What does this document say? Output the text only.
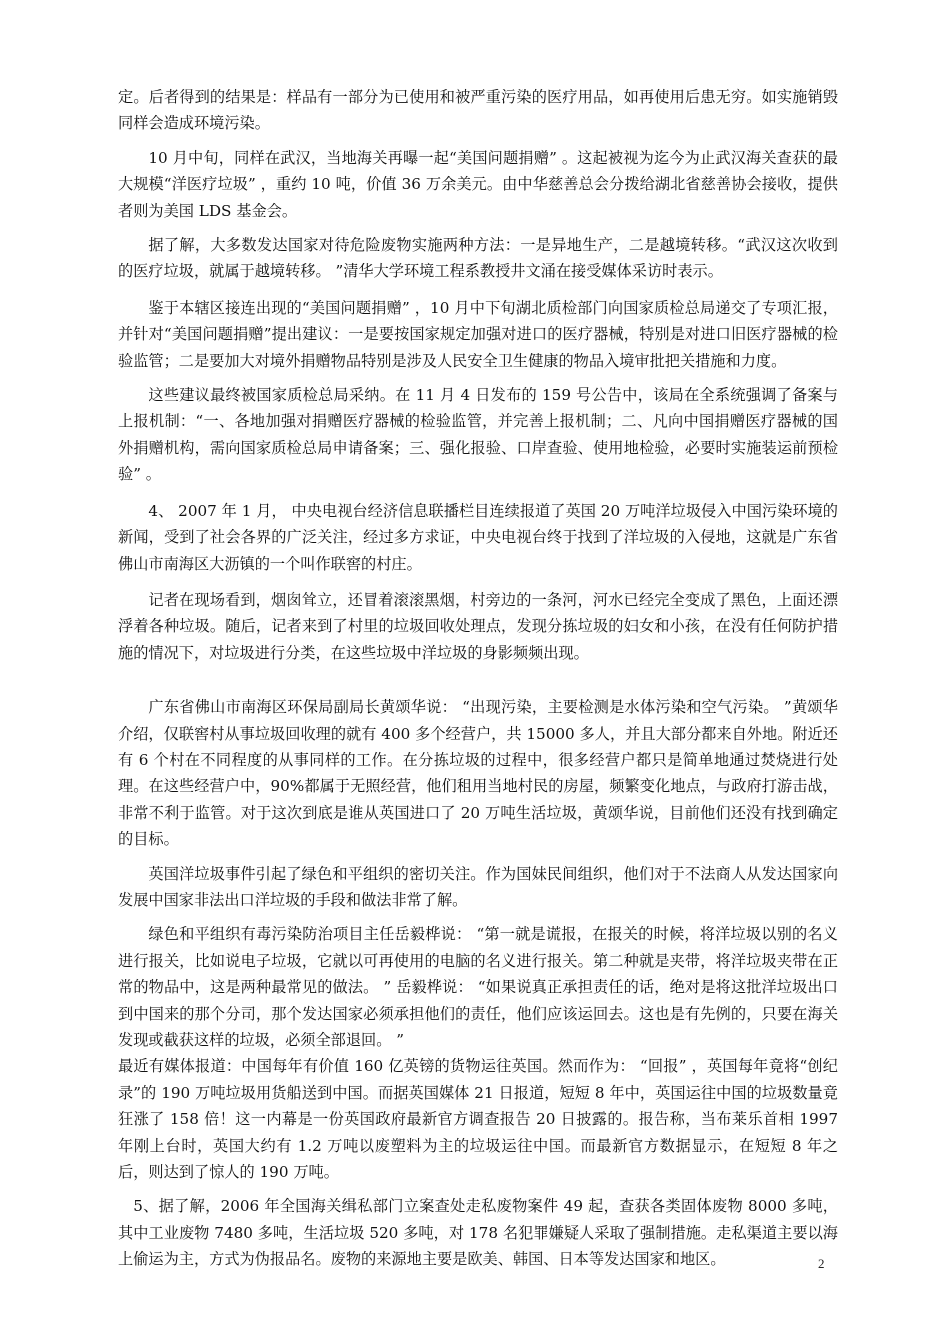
定。后者得到的结果是：样品有一部分为已使用和被严重污染的医疗用品，如再使用后患无穷。如实施销毁同样会造成环境污染。

10 月中旬，同样在武汉，当地海关再曝一起“美国问题捐赠” 。这起被视为迄今为止武汉海关查获的最大规模“洋医疗垃圾” ，重约 10 吨，价值 36 万余美元。由中华慈善总会分拨给湖北省慈善协会接收，提供者则为美国 LDS 基金会。

据了解，大多数发达国家对待危险废物实施两种方法：一是异地生产，二是越境转移。“武汉这次收到的医疗垃圾，就属于越境转移。 ”清华大学环境工程系教授井文涌在接受媒体采访时表示。

鉴于本辖区接连出现的“美国问题捐赠” ，10 月中下旬湖北质检部门向国家质检总局递交了专项汇报，并针对“美国问题捐赠”提出建议：一是要按国家规定加强对进口的医疗器械，特别是对进口旧医疗器械的检验监管；二是要加大对境外捐赠物品特别是涉及人民安全卫生健康的物品入境审批把关措施和力度。

这些建议最终被国家质检总局采纳。在 11 月 4 日发布的 159 号公告中，该局在全系统强调了备案与上报机制：“一、各地加强对捐赠医疗器械的检验监管，并完善上报机制；二、凡向中国捐赠医疗器械的国外捐赠机构，需向国家质检总局申请备案；三、强化报验、口岸查验、使用地检验，必要时实施装运前预检验” 。

4、 2007 年 1 月， 中央电视台经济信息联播栏目连续报道了英国 20 万吨洋垃圾侵入中国污染环境的新闻，受到了社会各界的广泛关注，经过多方求证，中央电视台终于找到了洋垃圾的入侵地，这就是广东省佛山市南海区大沥镇的一个叫作联窖的村庄。

记者在现场看到，烟囱耸立，还冒着滚滚黑烟，村旁边的一条河，河水已经完全变成了黑色，上面还漂浮着各种垃圾。随后，记者来到了村里的垃圾回收处理点，发现分拣垃圾的妇女和小孩，在没有任何防护措施的情况下，对垃圾进行分类，在这些垃圾中洋垃圾的身影频频出现。

广东省佛山市南海区环保局副局长黄颂华说： “出现污染，主要检测是水体污染和空气污染。 ”黄颂华介绍，仅联窖村从事垃圾回收理的就有 400 多个经营户，共 15000 多人，并且大部分都来自外地。附近还有 6 个村在不同程度的从事同样的工作。在分拣垃圾的过程中，很多经营户都只是简单地通过焚烧进行处理。在这些经营户中，90%都属于无照经营，他们租用当地村民的房屋，频繁变化地点，与政府打游击战，非常不利于监管。对于这次到底是谁从英国进口了 20 万吨生活垃圾，黄颂华说，目前他们还没有找到确定的目标。

英国洋垃圾事件引起了绿色和平组织的密切关注。作为国妹民间组织，他们对于不法商人从发达国家向发展中国家非法出口洋垃圾的手段和做法非常了解。

绿色和平组织有毒污染防治项目主任岳毅桦说： “第一就是谎报，在报关的时候，将洋垃圾以别的名义进行报关，比如说电子垃圾，它就以可再使用的电脑的名义进行报关。第二种就是夹带，将洋垃圾夹带在正常的物品中，这是两种最常见的做法。 ” 岳毅桦说： “如果说真正承担责任的话，绝对是将这批洋垃圾出口到中国来的那个分司，那个发达国家必须承担他们的责任，他们应该运回去。这也是有先例的，只要在海关发现或截获这样的垃圾，必须全部退回。 ”

最近有媒体报道：中国每年有价值 160 亿英镑的货物运往英国。然而作为： “回报” ，英国每年竟将“创纪录”的 190 万吨垃圾用货船送到中国。而据英国媒体 21 日报道，短短 8 年中，英国运往中国的垃圾数量竟狂涨了 158 倍！这一内幕是一份英国政府最新官方调查报告 20 日披露的。报告称，当布莱乐首相 1997 年刚上台时，英国大约有 1.2 万吨以废塑料为主的垃圾运往中国。而最新官方数据显示，在短短 8 年之后，则达到了惊人的 190 万吨。

5、据了解，2006 年全国海关缉私部门立案查处走私废物案件 49 起，查获各类固体废物 8000 多吨，其中工业废物 7480 多吨，生活垃圾 520 多吨，对 178 名犯罪嫌疑人采取了强制措施。走私渠道主要以海上偷运为主，方式为伪报品名。废物的来源地主要是欧美、韩国、日本等发达国家和地区。	2
